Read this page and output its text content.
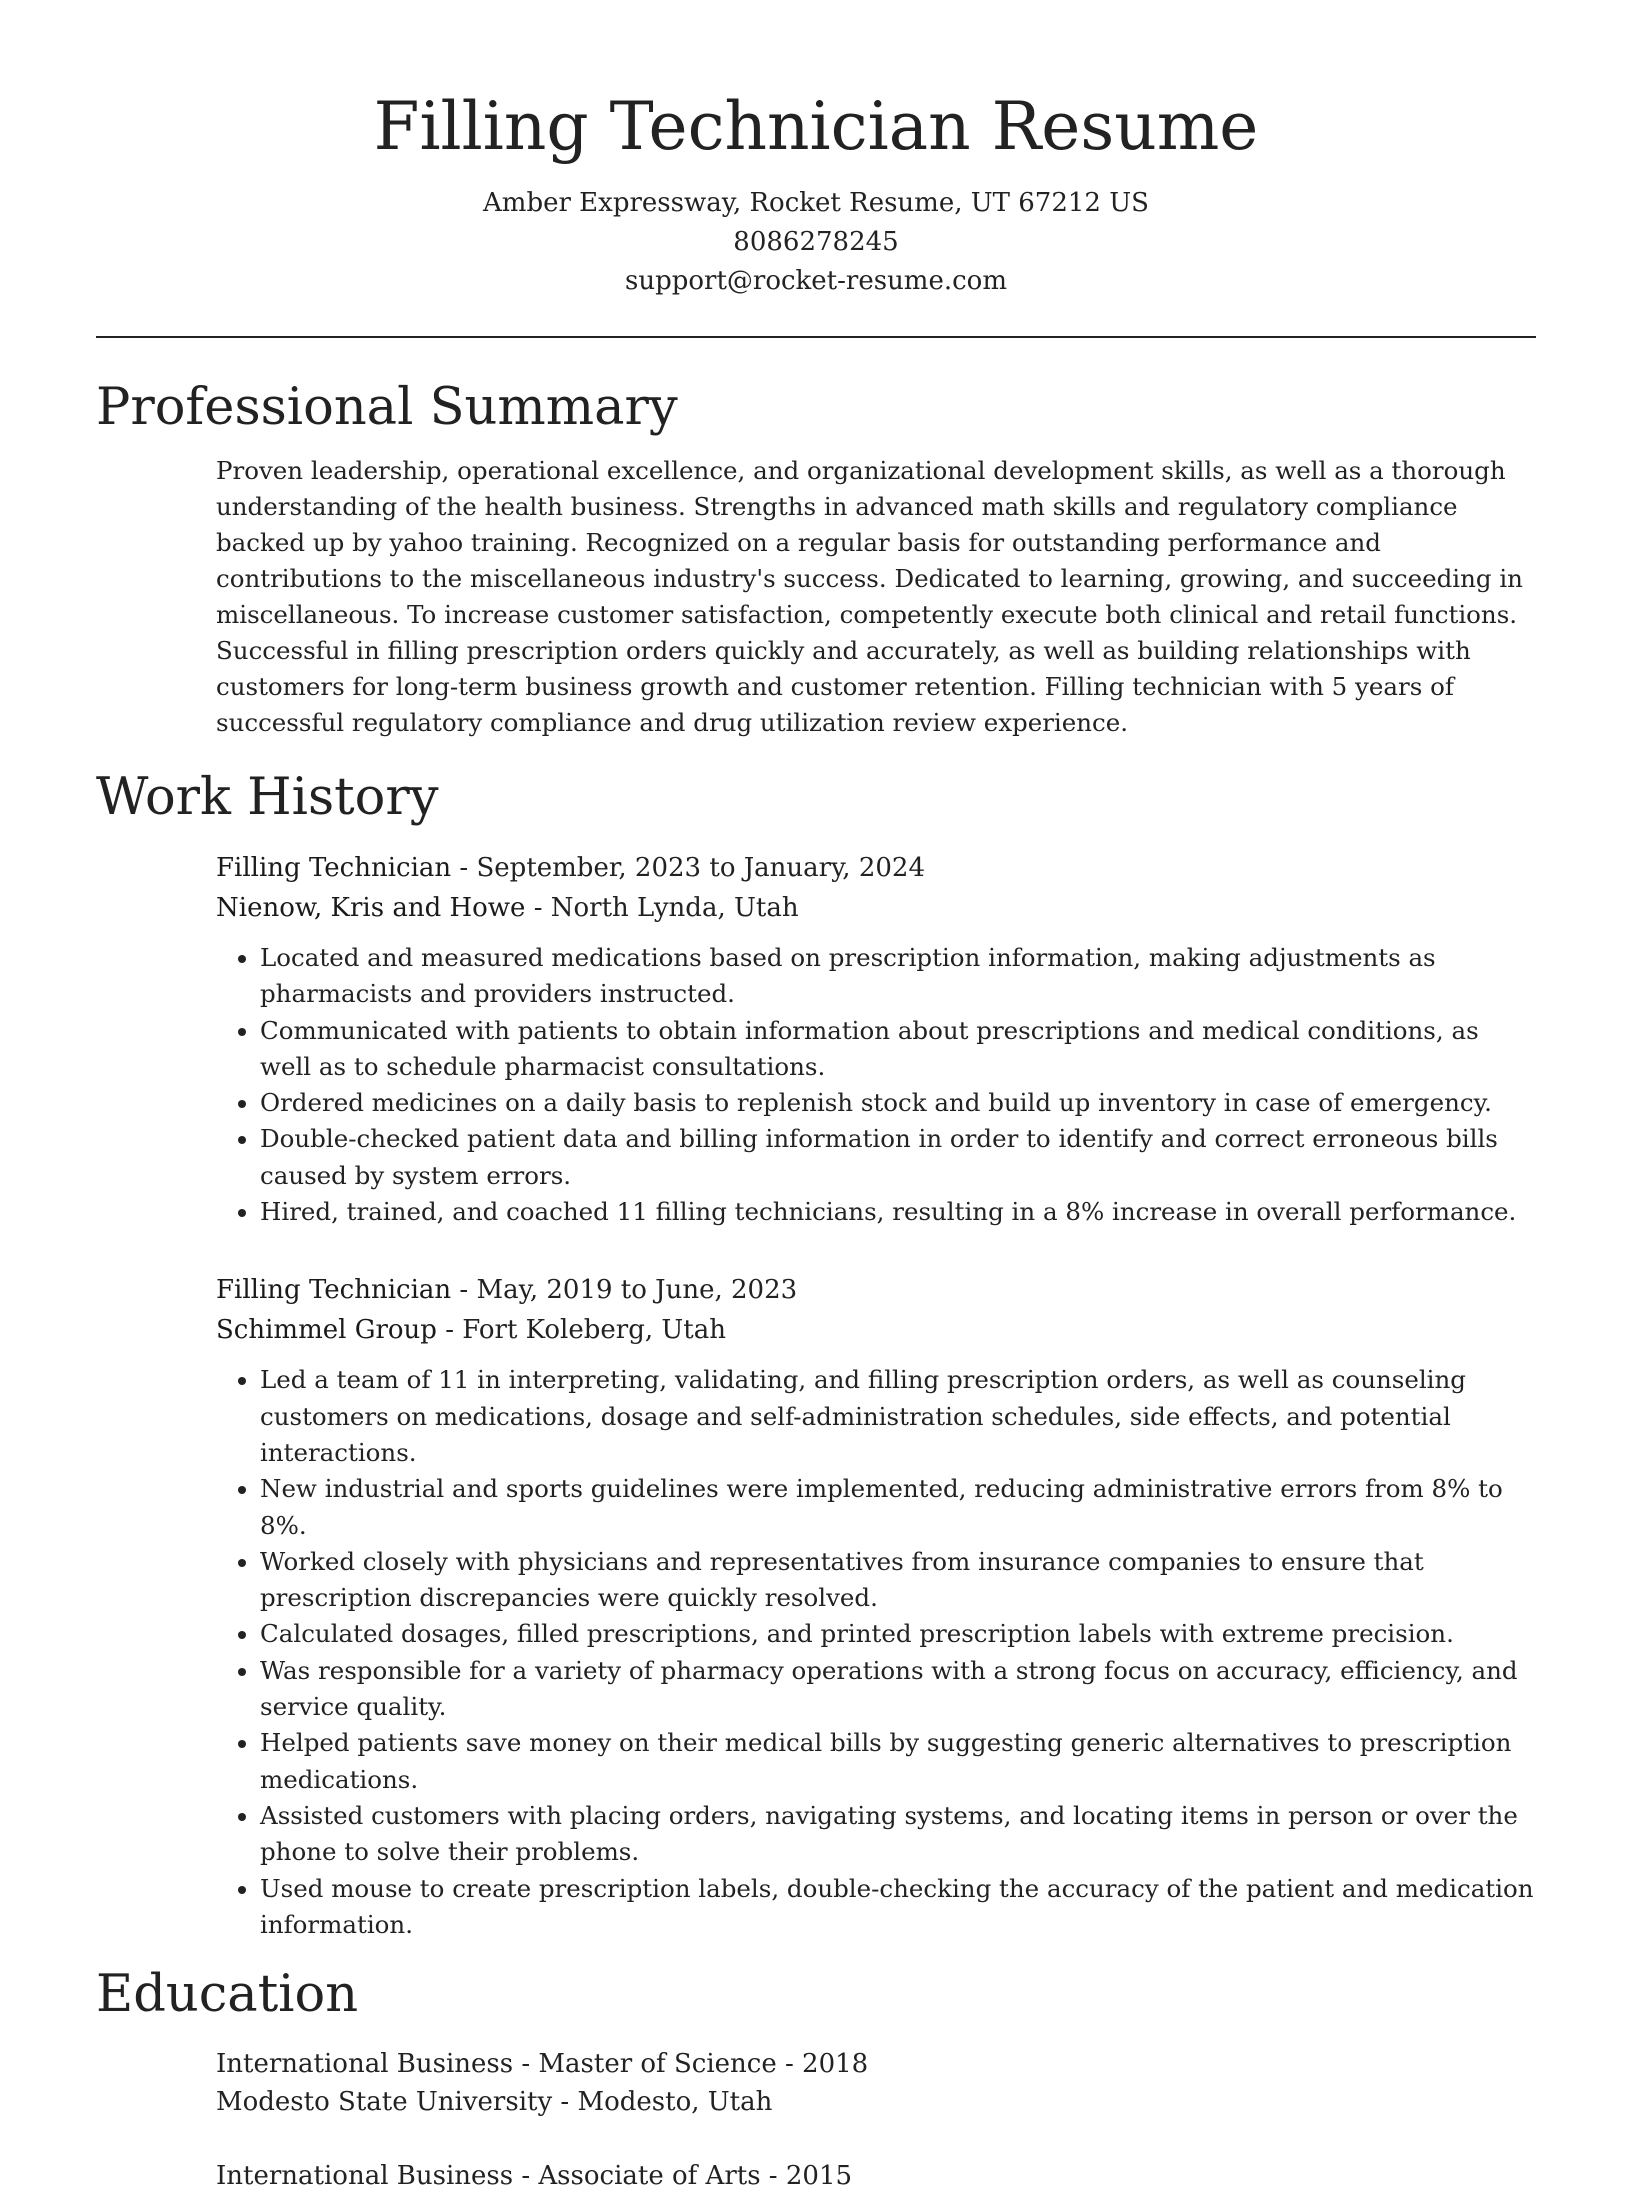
Filling Technician Resume
Amber Expressway, Rocket Resume, UT 67212 US
8086278245
support@rocket-resume.com
Professional Summary

Proven leadership, operational excellence, and organizational development skills, as well as a thorough understanding of the health business. Strengths in advanced math skills and regulatory compliance backed up by yahoo training. Recognized on a regular basis for outstanding performance and contributions to the miscellaneous industry's success. Dedicated to learning, growing, and succeeding in miscellaneous. To increase customer satisfaction, competently execute both clinical and retail functions. Successful in filling prescription orders quickly and accurately, as well as building relationships with customers for long-term business growth and customer retention. Filling technician with 5 years of successful regulatory compliance and drug utilization review experience.

Work History
Filling Technician - September, 2023 to January, 2024
Nienow, Kris and Howe - North Lynda, Utah
• Located and measured medications based on prescription information, making adjustments as pharmacists and providers instructed.
• Communicated with patients to obtain information about prescriptions and medical conditions, as well as to schedule pharmacist consultations.
• Ordered medicines on a daily basis to replenish stock and build up inventory in case of emergency.
• Double-checked patient data and billing information in order to identify and correct erroneous bills caused by system errors.
• Hired, trained, and coached 11 filling technicians, resulting in a 8% increase in overall performance.
Filling Technician - May, 2019 to June, 2023
Schimmel Group - Fort Koleberg, Utah
• Led a team of 11 in interpreting, validating, and filling prescription orders, as well as counseling customers on medications, dosage and self-administration schedules, side effects, and potential interactions.
• New industrial and sports guidelines were implemented, reducing administrative errors from 8% to 8%.
• Worked closely with physicians and representatives from insurance companies to ensure that prescription discrepancies were quickly resolved.
• Calculated dosages, filled prescriptions, and printed prescription labels with extreme precision.
• Was responsible for a variety of pharmacy operations with a strong focus on accuracy, efficiency, and service quality.
• Helped patients save money on their medical bills by suggesting generic alternatives to prescription medications.
• Assisted customers with placing orders, navigating systems, and locating items in person or over the phone to solve their problems.
• Used mouse to create prescription labels, double-checking the accuracy of the patient and medication information.
Education
International Business - Master of Science - 2018
Modesto State University - Modesto, Utah
International Business - Associate of Arts - 2015
